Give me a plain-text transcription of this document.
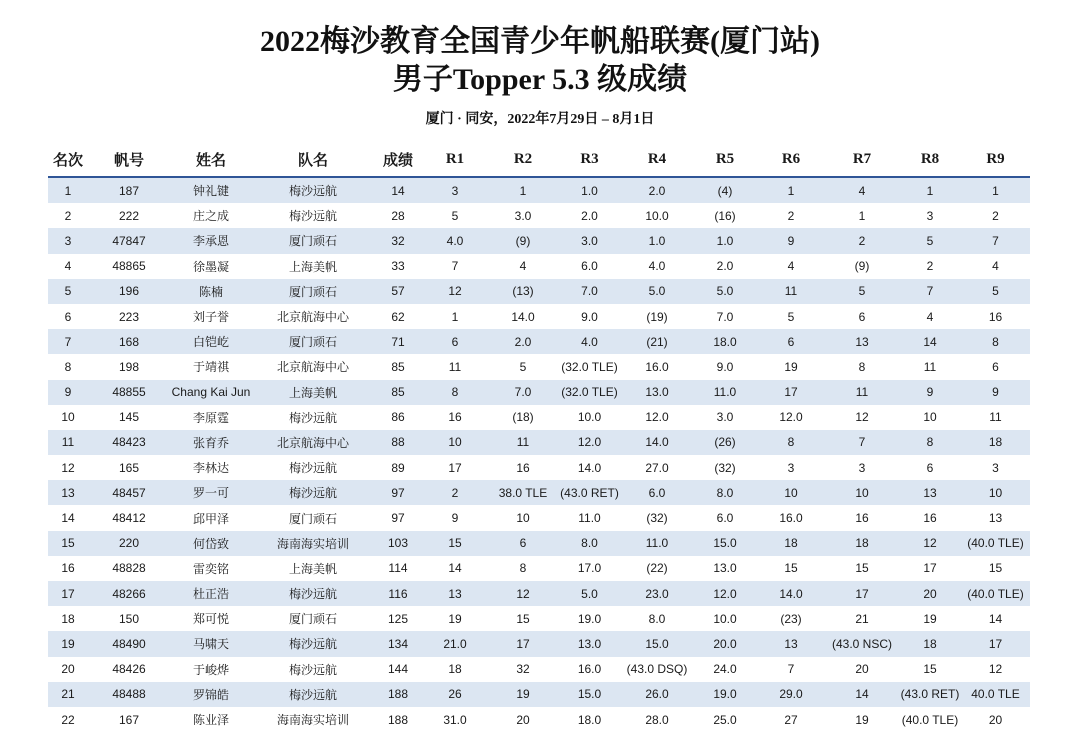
2022梅沙教育全国青少年帆船联赛(厦门站)
男子Topper 5.3 级成绩
厦门 · 同安，2022年7月29日 – 8月1日
名次	帆号	姓名	队名	成绩	R1	R2	R3	R4	R5	R6	R7	R8	R9
1	187	钟礼键	梅沙远航	14	3	1	1.0	2.0	(4)	1	4	1	1
2	222	庄之成	梅沙远航	28	5	3.0	2.0	10.0	(16)	2	1	3	2
3	47847	李承恩	厦门顽石	32	4.0	(9)	3.0	1.0	1.0	9	2	5	7
4	48865	徐墨凝	上海美帆	33	7	4	6.0	4.0	2.0	4	(9)	2	4
5	196	陈楠	厦门顽石	57	12	(13)	7.0	5.0	5.0	11	5	7	5
6	223	刘子誉	北京航海中心	62	1	14.0	9.0	(19)	7.0	5	6	4	16
7	168	白铠屹	厦门顽石	71	6	2.0	4.0	(21)	18.0	6	13	14	8
8	198	于靖祺	北京航海中心	85	11	5	(32.0 TLE)	16.0	9.0	19	8	11	6
9	48855	Chang Kai Jun	上海美帆	85	8	7.0	(32.0 TLE)	13.0	11.0	17	11	9	9
10	145	李原霆	梅沙远航	86	16	(18)	10.0	12.0	3.0	12.0	12	10	11
11	48423	张育乔	北京航海中心	88	10	11	12.0	14.0	(26)	8	7	8	18
12	165	李林达	梅沙远航	89	17	16	14.0	27.0	(32)	3	3	6	3
13	48457	罗一可	梅沙远航	97	2	38.0 TLE	(43.0 RET)	6.0	8.0	10	10	13	10
14	48412	邱甲泽	厦门顽石	97	9	10	11.0	(32)	6.0	16.0	16	16	13
15	220	何岱致	海南海实培训	103	15	6	8.0	11.0	15.0	18	18	12	(40.0 TLE)
16	48828	雷奕铭	上海美帆	114	14	8	17.0	(22)	13.0	15	15	17	15
17	48266	杜正浩	梅沙远航	116	13	12	5.0	23.0	12.0	14.0	17	20	(40.0 TLE)
18	150	郑可悦	厦门顽石	125	19	15	19.0	8.0	10.0	(23)	21	19	14
19	48490	马啸天	梅沙远航	134	21.0	17	13.0	15.0	20.0	13	(43.0 NSC)	18	17
20	48426	于峻烨	梅沙远航	144	18	32	16.0	(43.0 DSQ)	24.0	7	20	15	12
21	48488	罗锦皓	梅沙远航	188	26	19	15.0	26.0	19.0	29.0	14	(43.0 RET)	40.0 TLE
22	167	陈业泽	海南海实培训	188	31.0	20	18.0	28.0	25.0	27	19	(40.0 TLE)	20
